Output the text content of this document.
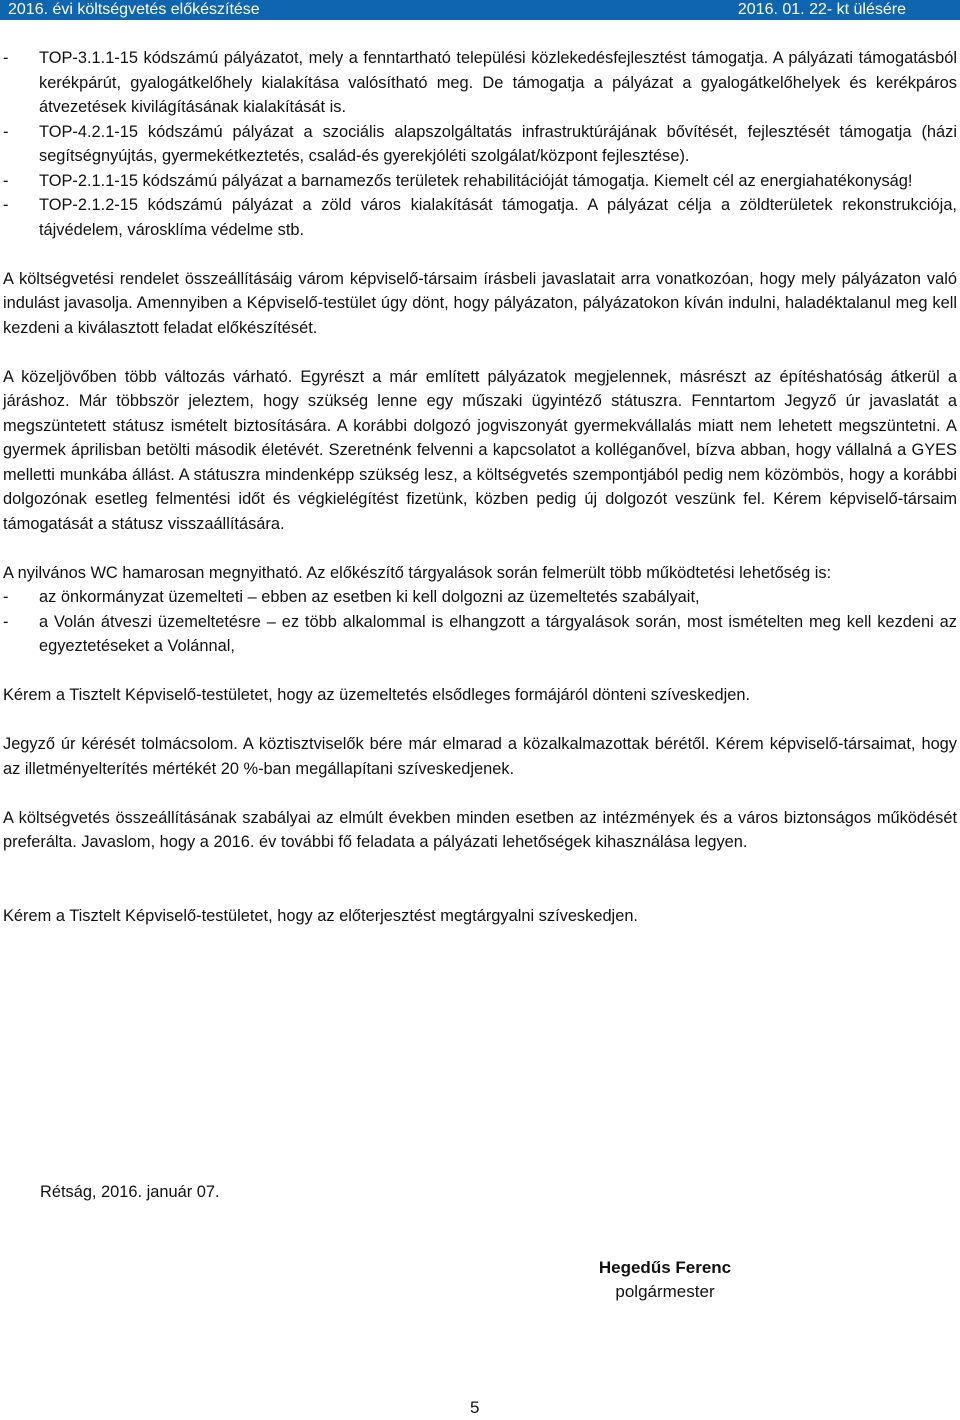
2016. évi költségvetés előkészítése	2016. 01. 22- kt ülésére

-	TOP-3.1.1-15 kódszámú pályázatot, mely a fenntartható települési közlekedésfejlesztést támogatja. A pályázati támogatásból kerékpárút, gyalogátkelőhely kialakítása valósítható meg. De támogatja a pályázat a gyalogátkelőhelyek és kerékpáros átvezetések kivilágításának kialakítását is.

-	TOP-4.2.1-15 kódszámú pályázat a szociális alapszolgáltatás infrastruktúrájának bővítését, fejlesztését támogatja (házi segítségnyújtás, gyermekétkeztetés, család-és gyerekjóléti szolgálat/központ fejlesztése).

-	TOP-2.1.1-15 kódszámú pályázat a barnamezős területek rehabilitációját támogatja. Kiemelt cél az energiahatékonyság!

-	TOP-2.1.2-15 kódszámú pályázat a zöld város kialakítását támogatja. A pályázat célja a zöldterületek rekonstrukciója, tájvédelem, városklíma védelme stb.

A költségvetési rendelet összeállításáig várom képviselő-társaim írásbeli javaslatait arra vonatkozóan, hogy mely pályázaton való indulást javasolja. Amennyiben a Képviselő-testület úgy dönt, hogy pályázaton, pályázatokon kíván indulni, haladéktalanul meg kell kezdeni a kiválasztott feladat előkészítését.

A közeljövőben több változás várható. Egyrészt a már említett pályázatok megjelennek, másrészt az építéshatóság átkerül a járáshoz. Már többször jeleztem, hogy szükség lenne egy műszaki ügyintéző státuszra. Fenntartom Jegyző úr javaslatát a megszüntetett státusz ismételt biztosítására. A korábbi dolgozó jogviszonyát gyermekvállalás miatt nem lehetett megszüntetni. A gyermek áprilisban betölti második életévét. Szeretnénk felvenni a kapcsolatot a kolléganővel, bízva abban, hogy vállalná a GYES melletti munkába állást. A státuszra mindenképp szükség lesz, a költségvetés szempontjából pedig nem közömbös, hogy a korábbi dolgozónak esetleg felmentési időt és végkielégítést fizetünk, közben pedig új dolgozót veszünk fel. Kérem képviselő-társaim támogatását a státusz visszaállítására.

A nyilvános WC hamarosan megnyitható. Az előkészítő tárgyalások során felmerült több működtetési lehetőség is:

-	az önkormányzat üzemelteti – ebben az esetben ki kell dolgozni az üzemeltetés szabályait,

-	a Volán átveszi üzemeltetésre – ez több alkalommal is elhangzott a tárgyalások során, most ismételten meg kell kezdeni az egyeztetéseket a Volánnal,

Kérem a Tisztelt Képviselő-testületet, hogy az üzemeltetés elsődleges formájáról dönteni szíveskedjen.

Jegyző úr kérését tolmácsolom. A köztisztviselők bére már elmarad a közalkalmazottak bérétől. Kérem képviselő-társaimat, hogy az illetményelterítés mértékét 20 %-ban megállapítani szíveskedjenek.

A költségvetés összeállításának szabályai az elmúlt években minden esetben az intézmények és a város biztonságos működését preferálta. Javaslom, hogy a 2016. év további fő feladata a pályázati lehetőségek kihasználása legyen.

Kérem a Tisztelt Képviselő-testületet, hogy az előterjesztést megtárgyalni szíveskedjen.

Rétság, 2016. január 07.
Hegedűs Ferenc
polgármester
5
